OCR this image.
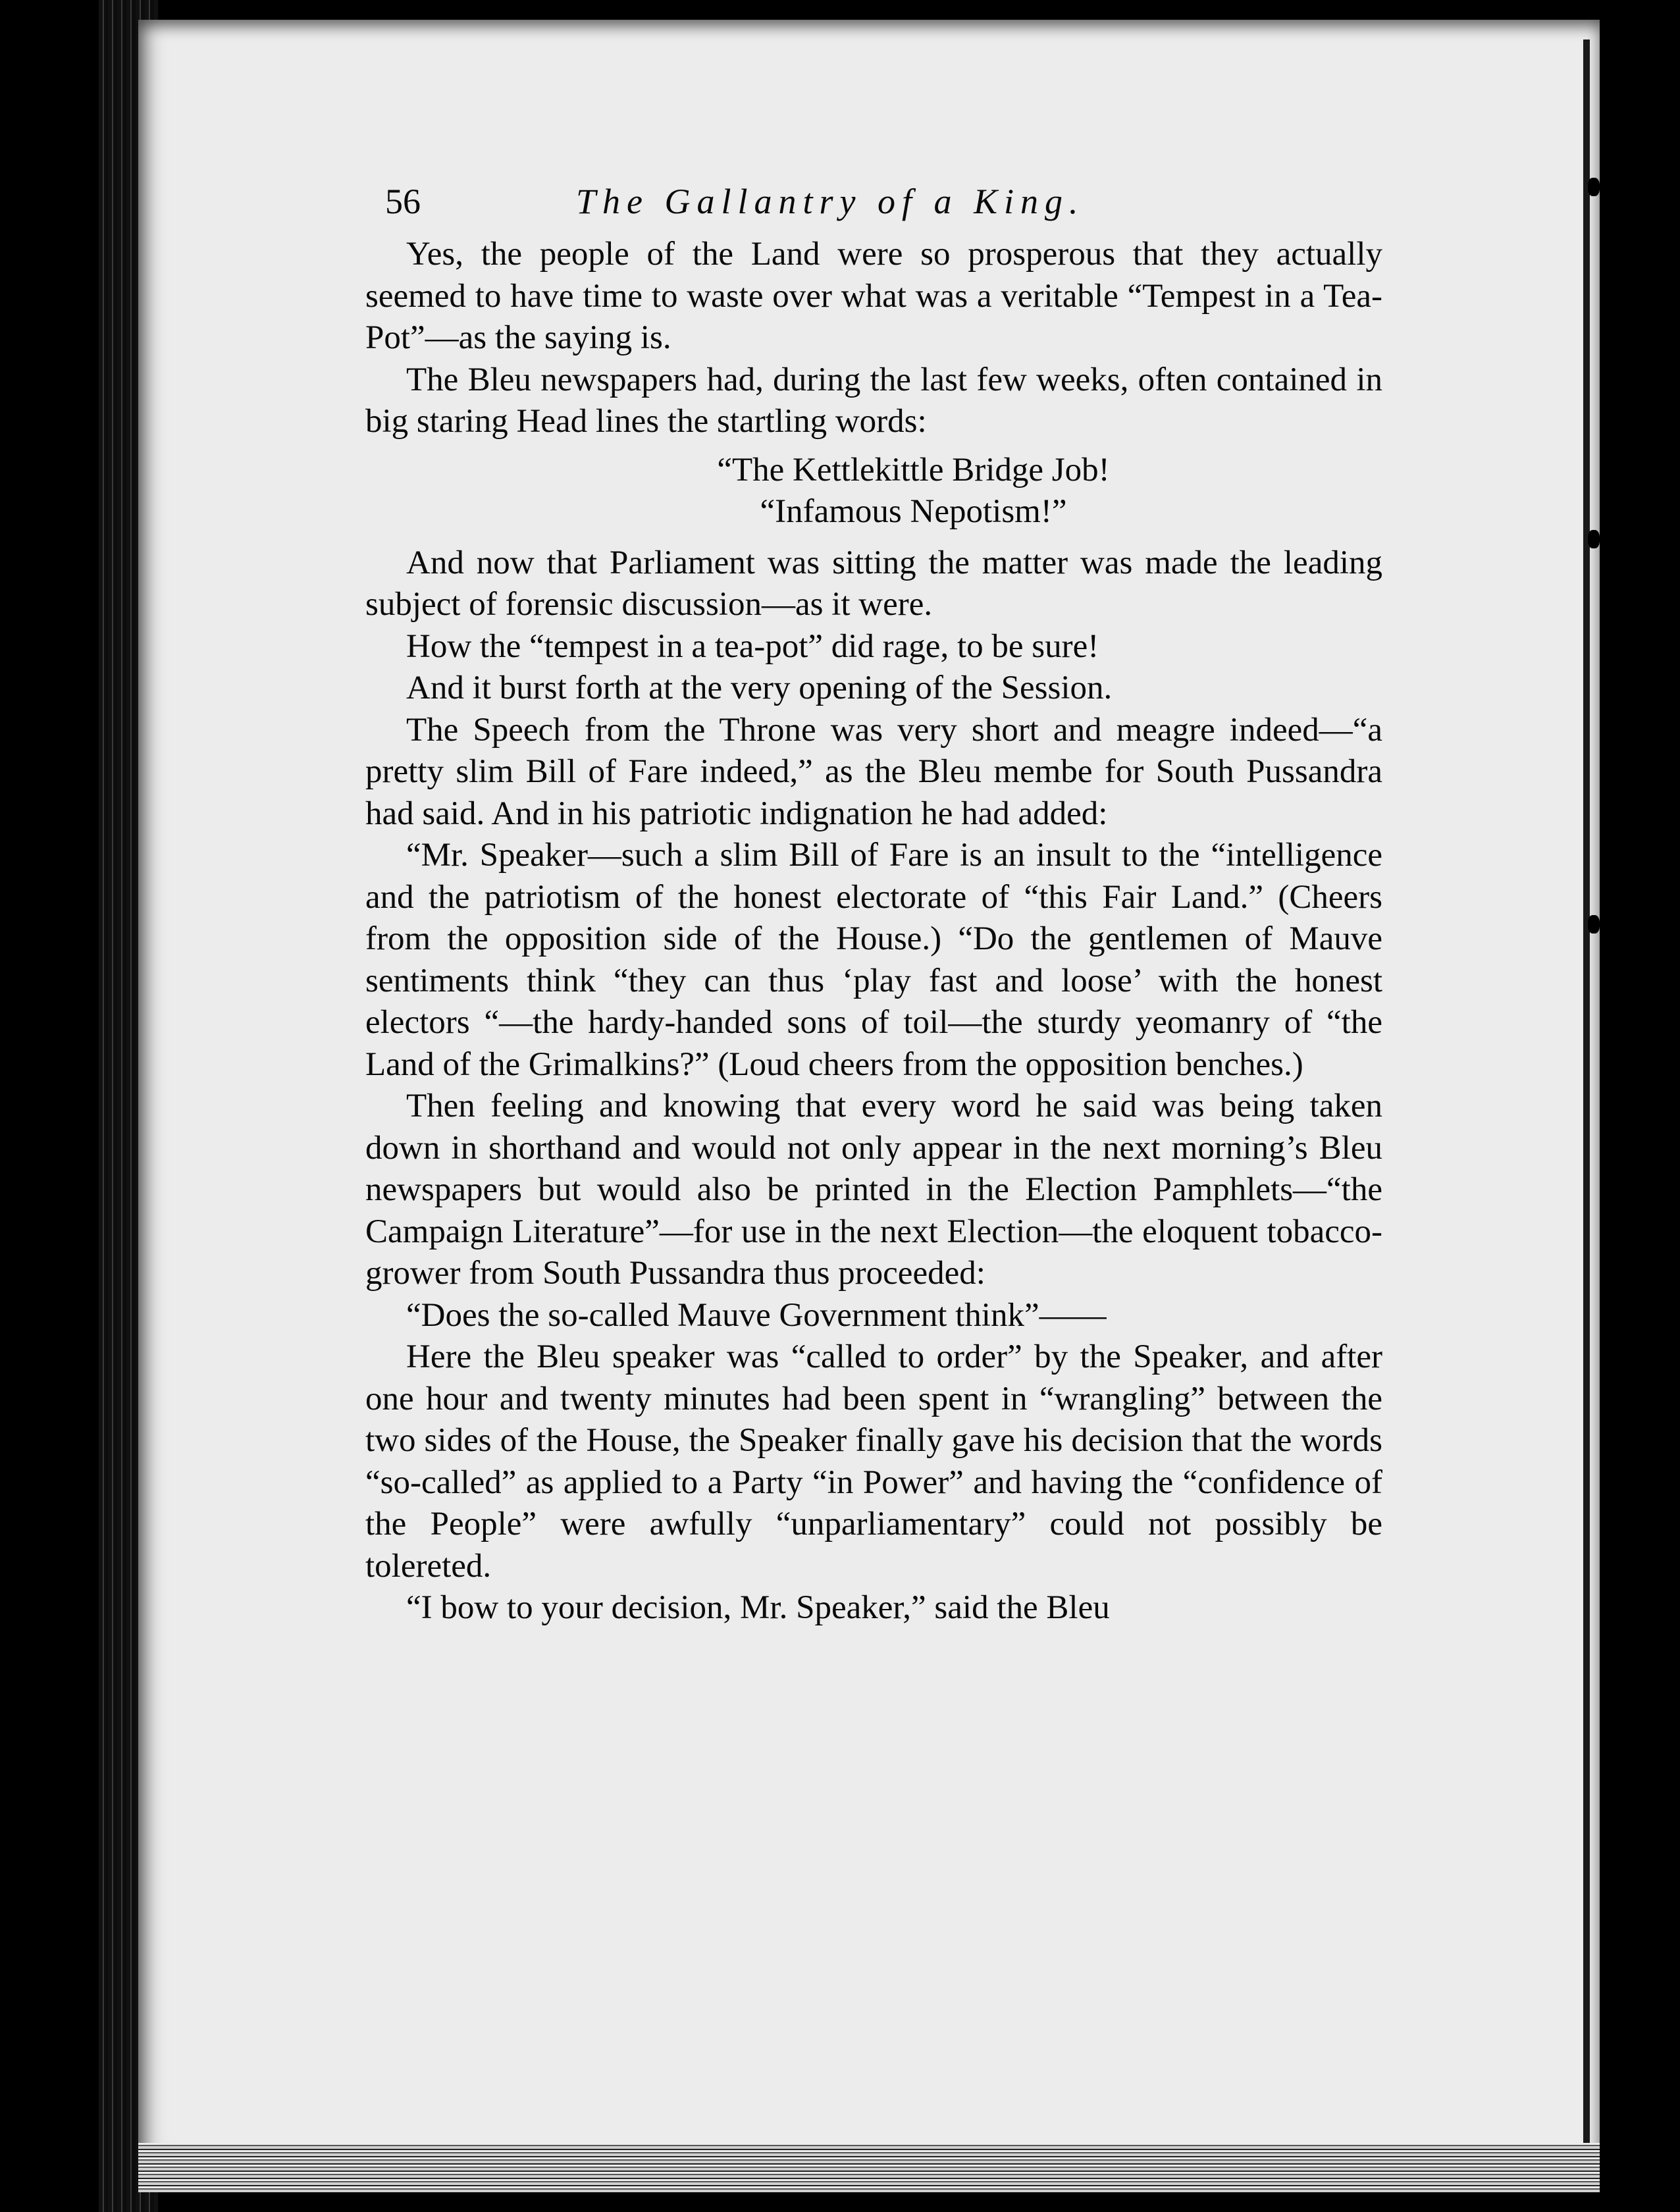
56	The Gallantry of a King.

Yes, the people of the Land were so prosperous that they actually seemed to have time to waste over what was a veritable “Tempest in a Tea-Pot”—as the saying is.

The Bleu newspapers had, during the last few weeks, often contained in big staring Head lines the startling words:

“The Kettlekittle Bridge Job!
“Infamous Nepotism!”

And now that Parliament was sitting the matter was made the leading subject of forensic discussion—as it were.

How the “tempest in a tea-pot” did rage, to be sure!

And it burst forth at the very opening of the Session.

The Speech from the Throne was very short and meagre indeed—“a pretty slim Bill of Fare indeed,” as the Bleu membe for South Pussandra had said. And in his patriotic indignation he had added:

“Mr. Speaker—such a slim Bill of Fare is an insult to the “intelligence and the patriotism of the honest electorate of “this Fair Land.” (Cheers from the opposition side of the House.) “Do the gentlemen of Mauve sentiments think “they can thus ‘play fast and loose’ with the honest electors “—the hardy-handed sons of toil—the sturdy yeomanry of “the Land of the Grimalkins?” (Loud cheers from the opposition benches.)

Then feeling and knowing that every word he said was being taken down in shorthand and would not only appear in the next morning’s Bleu newspapers but would also be printed in the Election Pamphlets—“the Campaign Literature”—for use in the next Election—the eloquent tobacco-grower from South Pussandra thus proceeded:

“Does the so-called Mauve Government think”——

Here the Bleu speaker was “called to order” by the Speaker, and after one hour and twenty minutes had been spent in “wrangling” between the two sides of the House, the Speaker finally gave his decision that the words “so-called” as applied to a Party “in Power” and having the “confidence of the People” were awfully “unparliamentary” could not possibly be tolereted.

“I bow to your decision, Mr. Speaker,” said the Bleu
